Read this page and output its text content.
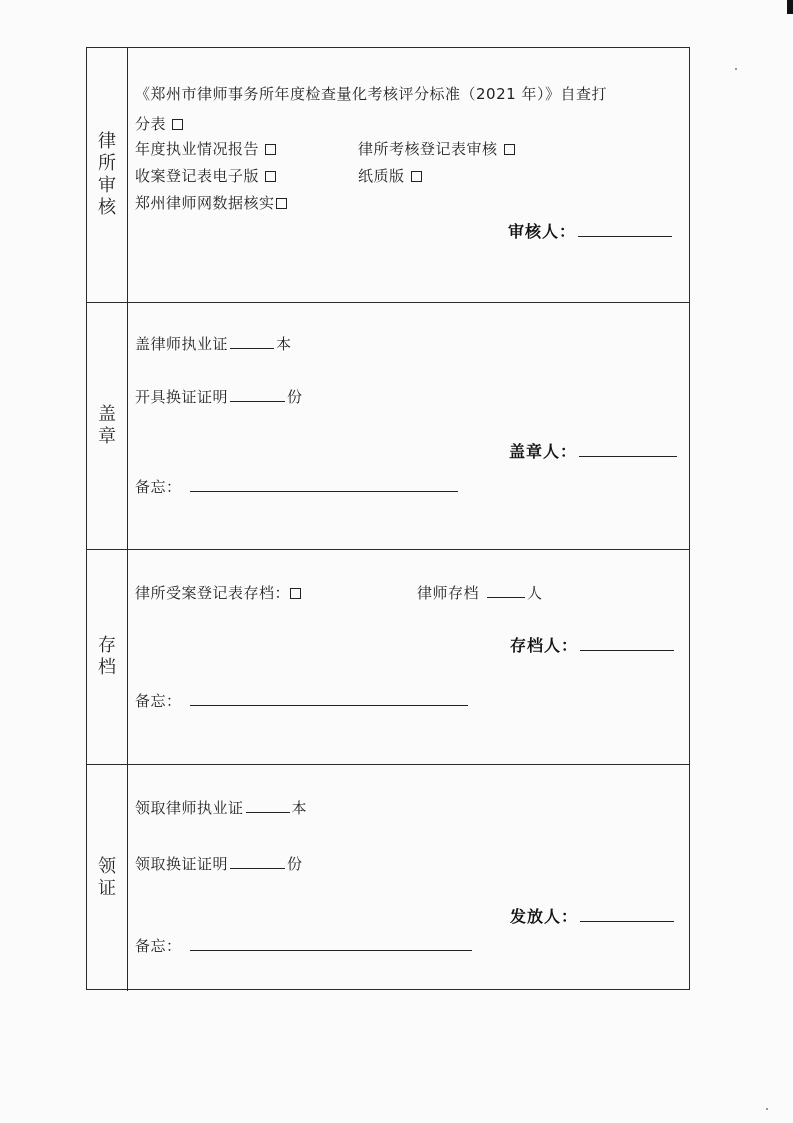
律所审核
《郑州市律师事务所年度检查量化考核评分标准（2021 年）》自查打
分表
年度执业情况报告	律所考核登记表审核
收案登记表电子版	纸质版
郑州律师网数据核实
审核人：
盖章
盖律师执业证	本
开具换证证明	份
盖章人：
备忘：
存档
律所受案登记表存档：	律师存档	人
存档人：
备忘：
领证
领取律师执业证	本
领取换证证明	份
发放人：
备忘：
